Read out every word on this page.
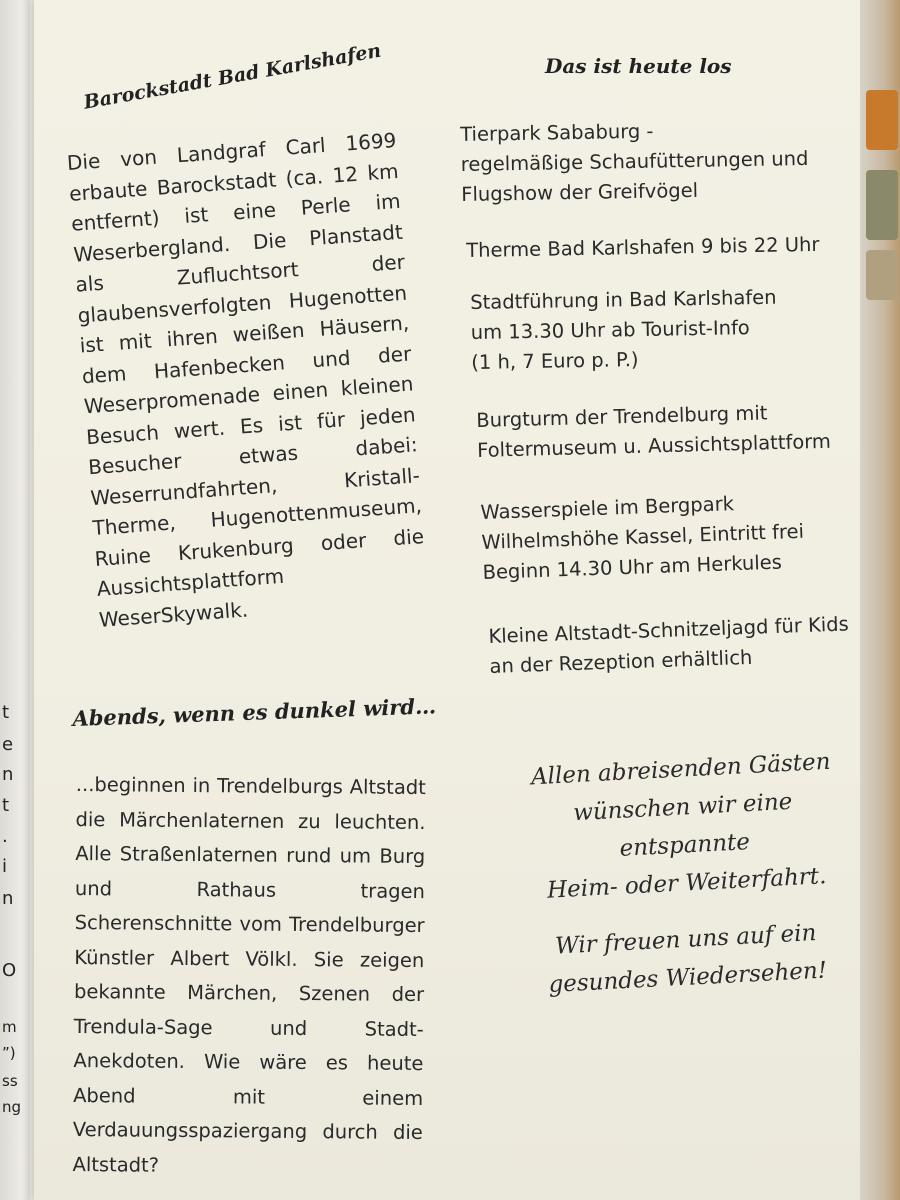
t
e
n
t
.
i
n
O
m
”)
ss
ng
Barockstadt Bad Karlshafen
Die von Landgraf Carl 1699 erbaute Barockstadt (ca. 12 km entfernt) ist eine Perle im Weserbergland. Die Planstadt als Zufluchtsort der glaubensverfolgten Hugenotten ist mit ihren weißen Häusern, dem Hafenbecken und der Weserpromenade einen kleinen Besuch wert. Es ist für jeden Besucher etwas dabei: Weserrundfahrten, Kristall-Therme, Hugenottenmuseum, Ruine Krukenburg oder die Aussichtsplattform WeserSkywalk.
Das ist heute los
Tierpark Sababurg -
regelmäßige Schaufütterungen und
Flugshow der Greifvögel
Therme Bad Karlshafen 9 bis 22 Uhr
Stadtführung in Bad Karlshafen
um 13.30 Uhr ab Tourist-Info
(1 h, 7 Euro p. P.)
Burgturm der Trendelburg mit
Foltermuseum u. Aussichtsplattform
Wasserspiele im Bergpark
Wilhelmshöhe Kassel, Eintritt frei
Beginn 14.30 Uhr am Herkules
Kleine Altstadt-Schnitzeljagd für Kids
an der Rezeption erhältlich
Abends, wenn es dunkel wird…
...beginnen in Trendelburgs Altstadt die Märchenlaternen zu leuchten. Alle Straßenlaternen rund um Burg und Rathaus tragen Scherenschnitte vom Trendelburger Künstler Albert Völkl. Sie zeigen bekannte Märchen, Szenen der Trendula-Sage und Stadt-Anekdoten. Wie wäre es heute Abend mit einem Verdauungsspaziergang durch die Altstadt?
Allen abreisenden Gästen
wünschen wir eine
entspannte
Heim- oder Weiterfahrt.
Wir freuen uns auf ein
gesundes Wiedersehen!
